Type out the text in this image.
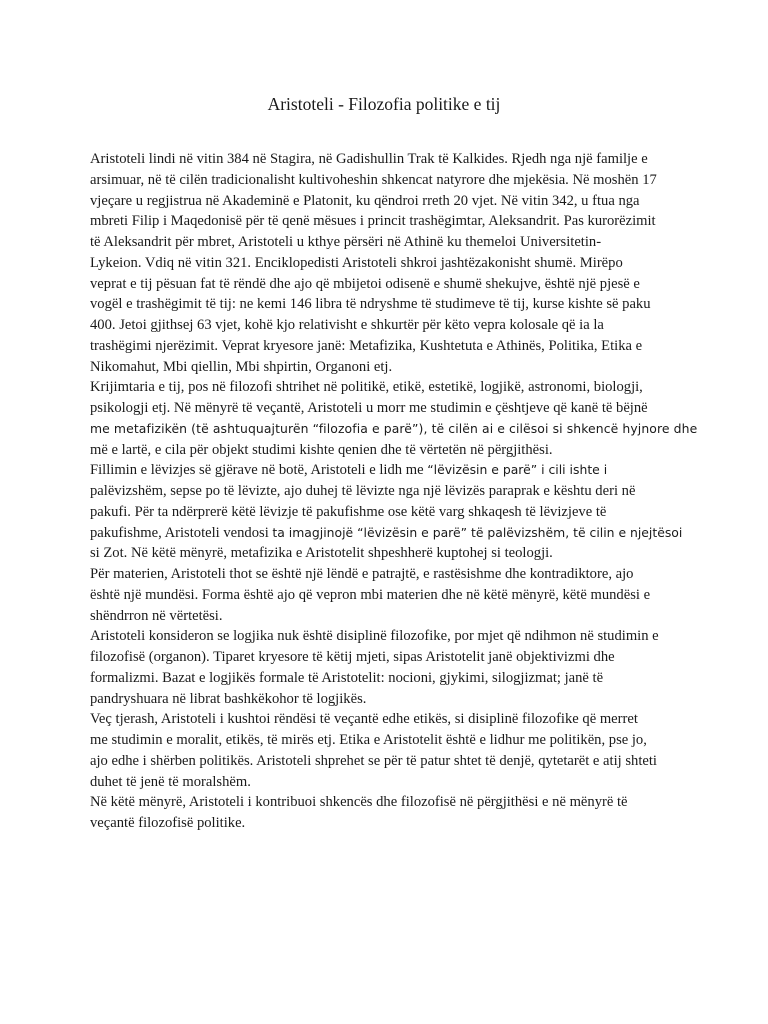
Aristoteli - Filozofia politike e tij

Aristoteli lindi në vitin 384 në Stagira, në Gadishullin Trak të Kalkides. Rjedh nga një familje e
arsimuar, në të cilën tradicionalisht kultivoheshin shkencat natyrore dhe mjekësia. Në moshën 17
vjeçare u regjistrua në Akademinë e Platonit, ku qëndroi rreth 20 vjet. Në vitin 342, u ftua nga
mbreti Filip i Maqedonisë për të qenë mësues i princit trashëgimtar, Aleksandrit. Pas kurorëzimit
të Aleksandrit për mbret, Aristoteli u kthye përsëri në Athinë ku themeloi Universitetin-
Lykeion. Vdiq në vitin 321. Enciklopedisti Aristoteli shkroi jashtëzakonisht shumë. Mirëpo
veprat e tij pësuan fat të rëndë dhe ajo që mbijetoi odisenë e shumë shekujve, është një pjesë e
vogël e trashëgimit të tij: ne kemi 146 libra të ndryshme të studimeve të tij, kurse kishte së paku
400. Jetoi gjithsej 63 vjet, kohë kjo relativisht e shkurtër për këto vepra kolosale që ia la
trashëgimi njerëzimit. Veprat kryesore janë: Metafizika, Kushtetuta e Athinës, Politika, Etika e
Nikomahut, Mbi qiellin, Mbi shpirtin, Organoni etj.

Krijimtaria e tij, pos në filozofi shtrihet në politikë, etikë, estetikë, logjikë, astronomi, biologji,
psikologji etj. Në mënyrë të veçantë, Aristoteli u morr me studimin e çështjeve që kanë të bëjnë

me metafizikën (të ashtuquajturën “filozofia e parë”), të cilën ai e cilësoi si shkencë hyjnore dhe

më e lartë, e cila për objekt studimi kishte qenien dhe të vërtetën në përgjithësi.

Fillimin e lëvizjes së gjërave në botë, Aristoteli e lidh me “lëvizësin e parë” i cili ishte i
palëvizshëm, sepse po të lëvizte, ajo duhej të lëvizte nga një lëvizës paraprak e kështu deri në
pakufi. Për ta ndërprerë këtë lëvizje të pakufishme ose këtë varg shkaqesh të lëvizjeve të
pakufishme, Aristoteli vendosi ta imagjinojë “lëvizësin e parë” të palëvizshëm, të cilin e njejtësoi
si Zot. Në këtë mënyrë, metafizika e Aristotelit shpeshherë kuptohej si teologji.

Për materien, Aristoteli thot se është një lëndë e patrajtë, e rastësishme dhe kontradiktore, ajo
është një mundësi. Forma është ajo që vepron mbi materien dhe në këtë mënyrë, këtë mundësi e
shëndrron në vërtetësi.

Aristoteli konsideron se logjika nuk është disiplinë filozofike, por mjet që ndihmon në studimin e
filozofisë (organon). Tiparet kryesore të këtij mjeti, sipas Aristotelit janë objektivizmi dhe
formalizmi. Bazat e logjikës formale të Aristotelit: nocioni, gjykimi, silogjizmat; janë të
pandryshuara në librat bashkëkohor të logjikës.

Veç tjerash, Aristoteli i kushtoi rëndësi të veçantë edhe etikës, si disiplinë filozofike që merret
me studimin e moralit, etikës, të mirës etj. Etika e Aristotelit është e lidhur me politikën, pse jo,
ajo edhe i shërben politikës. Aristoteli shprehet se për të patur shtet të denjë, qytetarët e atij shteti
duhet të jenë të moralshëm.

Në këtë mënyrë, Aristoteli i kontribuoi shkencës dhe filozofisë në përgjithësi e në mënyrë të
veçantë filozofisë politike.
